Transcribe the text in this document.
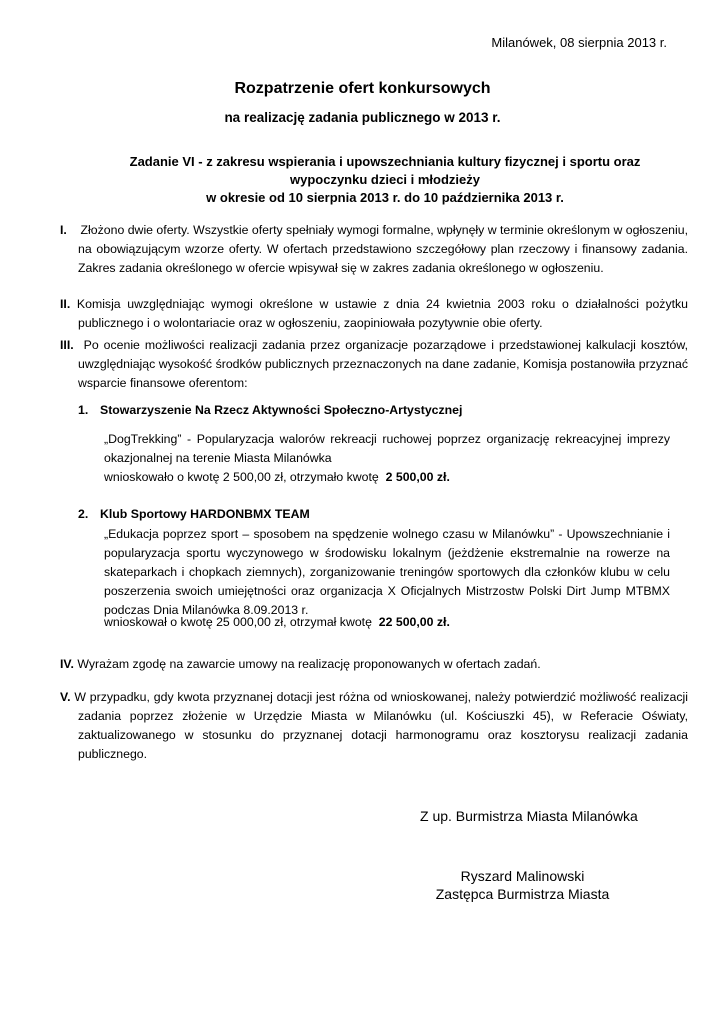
Milanówek, 08 sierpnia 2013 r.
Rozpatrzenie ofert konkursowych
na realizację zadania publicznego w 2013 r.
Zadanie VI - z zakresu wspierania i upowszechniania kultury fizycznej i sportu oraz
wypoczynku dzieci i młodzieży
w okresie od 10 sierpnia 2013 r. do 10 października 2013 r.
I. Złożono dwie oferty. Wszystkie oferty spełniały wymogi formalne, wpłynęły w terminie określonym w ogłoszeniu, na obowiązującym wzorze oferty. W ofertach przedstawiono szczegółowy plan rzeczowy i finansowy zadania. Zakres zadania określonego w ofercie wpisywał się w zakres zadania określonego w ogłoszeniu.
II. Komisja uwzględniając wymogi określone w ustawie z dnia 24 kwietnia 2003 roku o działalności pożytku publicznego i o wolontariacie oraz w ogłoszeniu, zaopiniowała pozytywnie obie oferty.
III. Po ocenie możliwości realizacji zadania przez organizacje pozarządowe i przedstawionej kalkulacji kosztów, uwzględniając wysokość środków publicznych przeznaczonych na dane zadanie, Komisja postanowiła przyznać wsparcie finansowe oferentom:
1. Stowarzyszenie Na Rzecz Aktywności Społeczno-Artystycznej
„DogTrekking” - Popularyzacja walorów rekreacji ruchowej poprzez organizację rekreacyjnej imprezy okazjonalnej na terenie Miasta Milanówka
wnioskowało o kwotę 2 500,00 zł, otrzymało kwotę 2 500,00 zł.
2. Klub Sportowy HARDONBMX TEAM
„Edukacja poprzez sport – sposobem na spędzenie wolnego czasu w Milanówku” - Upowszechnianie i popularyzacja sportu wyczynowego w środowisku lokalnym (jeżdżenie ekstremalnie na rowerze na skateparkach i chopkach ziemnych), zorganizowanie treningów sportowych dla członków klubu w celu poszerzenia swoich umiejętności oraz organizacja X Oficjalnych Mistrzostw Polski Dirt Jump MTBMX podczas Dnia Milanówka 8.09.2013 r.
wnioskował o kwotę 25 000,00 zł, otrzymał kwotę 22 500,00 zł.
IV. Wyrażam zgodę na zawarcie umowy na realizację proponowanych w ofertach zadań.
V. W przypadku, gdy kwota przyznanej dotacji jest różna od wnioskowanej, należy potwierdzić możliwość realizacji zadania poprzez złożenie w Urzędzie Miasta w Milanówku (ul. Kościuszki 45), w Referacie Oświaty, zaktualizowanego w stosunku do przyznanej dotacji harmonogramu oraz kosztorysu realizacji zadania publicznego.
Z up. Burmistrza Miasta Milanówka
Ryszard Malinowski
Zastępca Burmistrza Miasta
